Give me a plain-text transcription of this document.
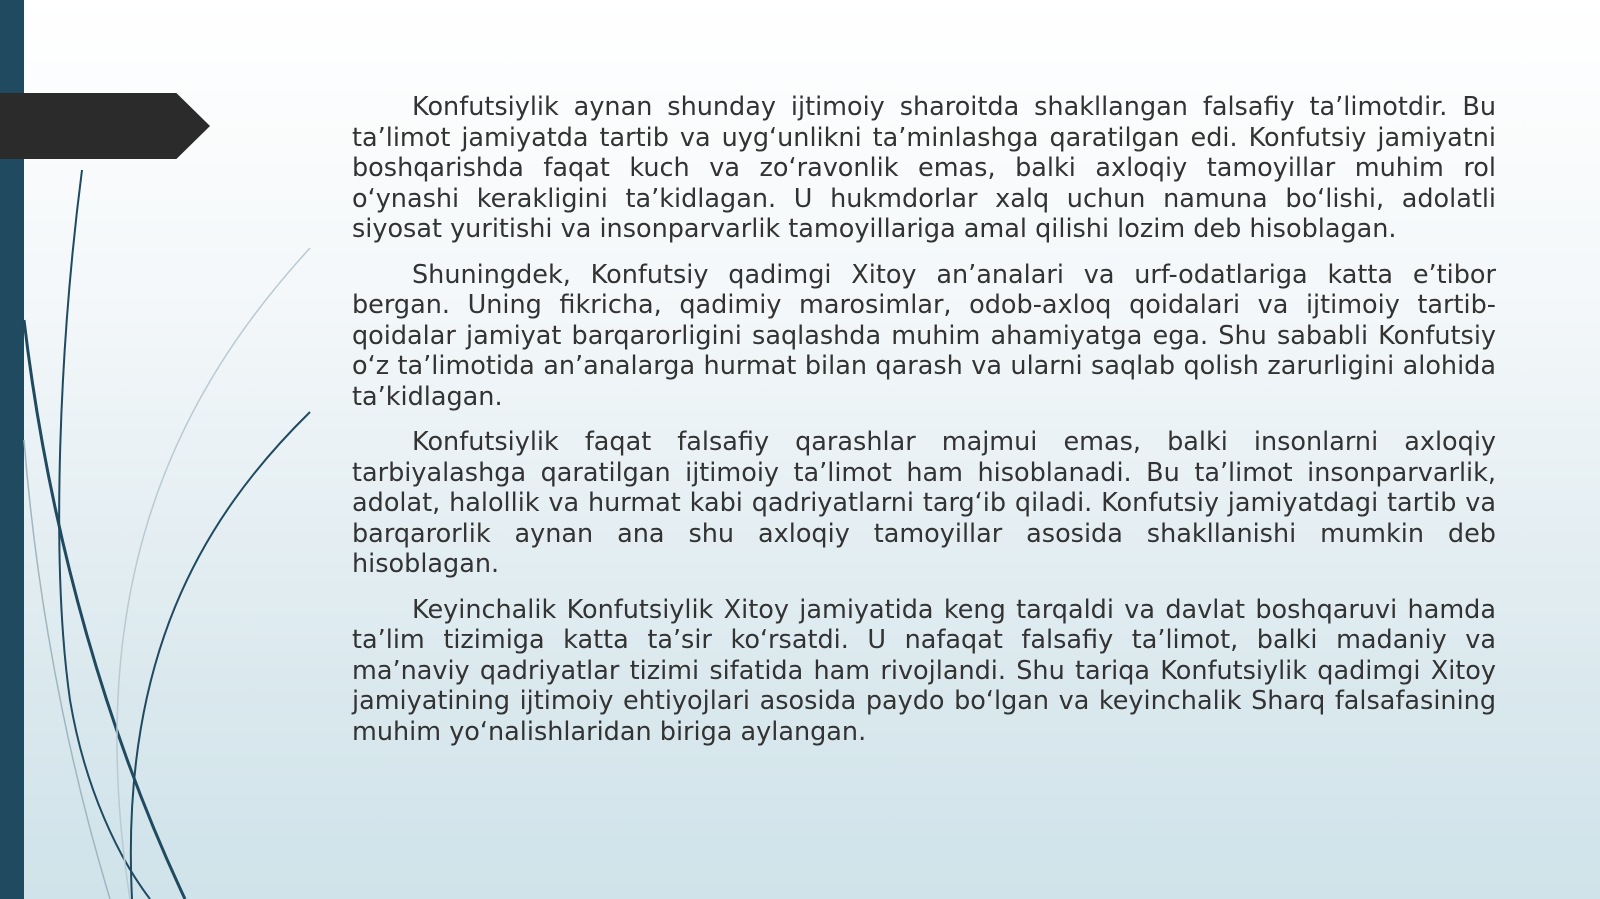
Konfutsiylik aynan shunday ijtimoiy sharoitda shakllangan falsafiy ta’limotdir. Bu ta’limot jamiyatda tartib va uyg‘unlikni ta’minlashga qaratilgan edi. Konfutsiy jamiyatni boshqarishda faqat kuch va zo‘ravonlik emas, balki axloqiy tamoyillar muhim rol o‘ynashi kerakligini ta’kidlagan. U hukmdorlar xalq uchun namuna bo‘lishi, adolatli siyosat yuritishi va insonparvarlik tamoyillariga amal qilishi lozim deb hisoblagan.

Shuningdek, Konfutsiy qadimgi Xitoy an’analari va urf-odatlariga katta e’tibor bergan. Uning fikricha, qadimiy marosimlar, odob-axloq qoidalari va ijtimoiy tartib-qoidalar jamiyat barqarorligini saqlashda muhim ahamiyatga ega. Shu sababli Konfutsiy o‘z ta’limotida an’analarga hurmat bilan qarash va ularni saqlab qolish zarurligini alohida ta’kidlagan.

Konfutsiylik faqat falsafiy qarashlar majmui emas, balki insonlarni axloqiy tarbiyalashga qaratilgan ijtimoiy ta’limot ham hisoblanadi. Bu ta’limot insonparvarlik, adolat, halollik va hurmat kabi qadriyatlarni targ‘ib qiladi. Konfutsiy jamiyatdagi tartib va barqarorlik aynan ana shu axloqiy tamoyillar asosida shakllanishi mumkin deb hisoblagan.

Keyinchalik Konfutsiylik Xitoy jamiyatida keng tarqaldi va davlat boshqaruvi hamda ta’lim tizimiga katta ta’sir ko‘rsatdi. U nafaqat falsafiy ta’limot, balki madaniy va ma’naviy qadriyatlar tizimi sifatida ham rivojlandi. Shu tariqa Konfutsiylik qadimgi Xitoy jamiyatining ijtimoiy ehtiyojlari asosida paydo bo‘lgan va keyinchalik Sharq falsafasining muhim yo‘nalishlaridan biriga aylangan.
